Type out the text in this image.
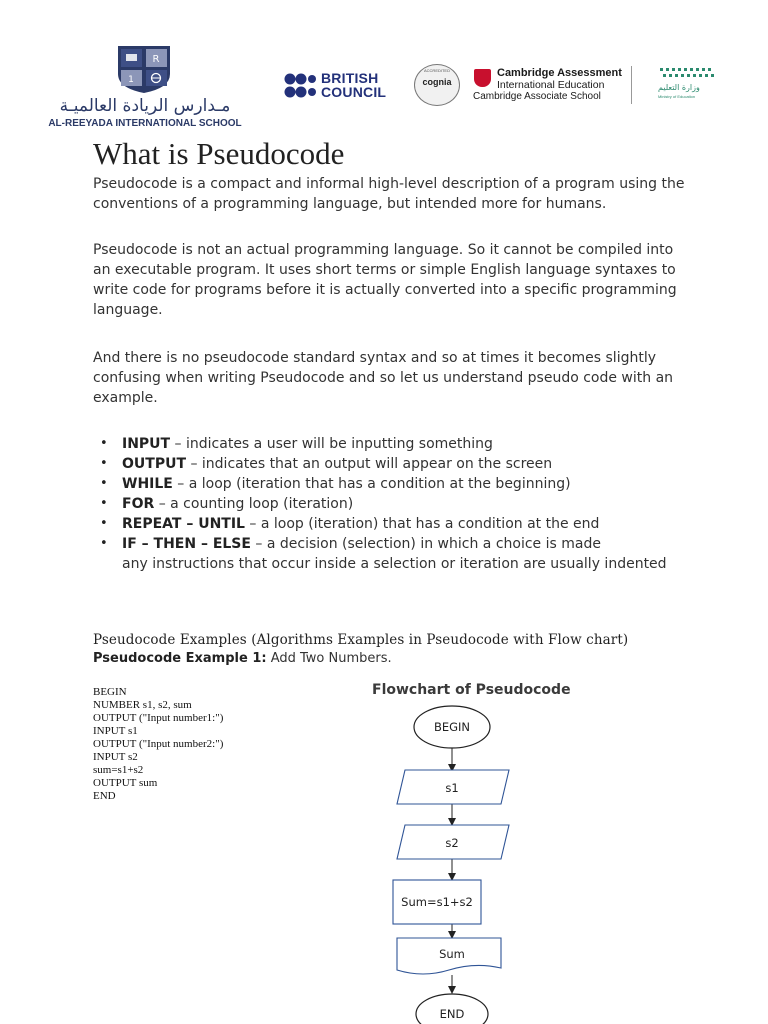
R
1
مـدارس الريادة العالميـة
AL-REEYADA INTERNATIONAL SCHOOL
BRITISH
COUNCIL
ACCREDITED
cognia
Cambridge Assessment
International Education
Cambridge Associate School
وزارة التعليم
Ministry of Education
What is Pseudocode

Pseudocode is a compact and informal high-level description of a program using the conventions of a programming language, but intended more for humans.

Pseudocode is not an actual programming language. So it cannot be compiled into an executable program. It uses short terms or simple English language syntaxes to write code for programs before it is actually converted into a specific programming language.

And there is no pseudocode standard syntax and so at times it becomes slightly confusing when writing Pseudocode and so let us understand pseudo code with an example.

• INPUT – indicates a user will be inputting something
• OUTPUT – indicates that an output will appear on the screen
• WHILE – a loop (iteration that has a condition at the beginning)
• FOR – a counting loop (iteration)
• REPEAT – UNTIL – a loop (iteration) that has a condition at the end
• IF – THEN – ELSE – a decision (selection) in which a choice is made
any instructions that occur inside a selection or iteration are usually indented
Pseudocode Examples (Algorithms Examples in Pseudocode with Flow chart)
Pseudocode Example 1: Add Two Numbers.
BEGIN
NUMBER s1, s2, sum
OUTPUT ("Input number1:")
INPUT s1
OUTPUT ("Input number2:")
INPUT s2
sum=s1+s2
OUTPUT sum
END
Flowchart of Pseudocode
BEGIN
s1
s2
Sum=s1+s2
Sum
END
